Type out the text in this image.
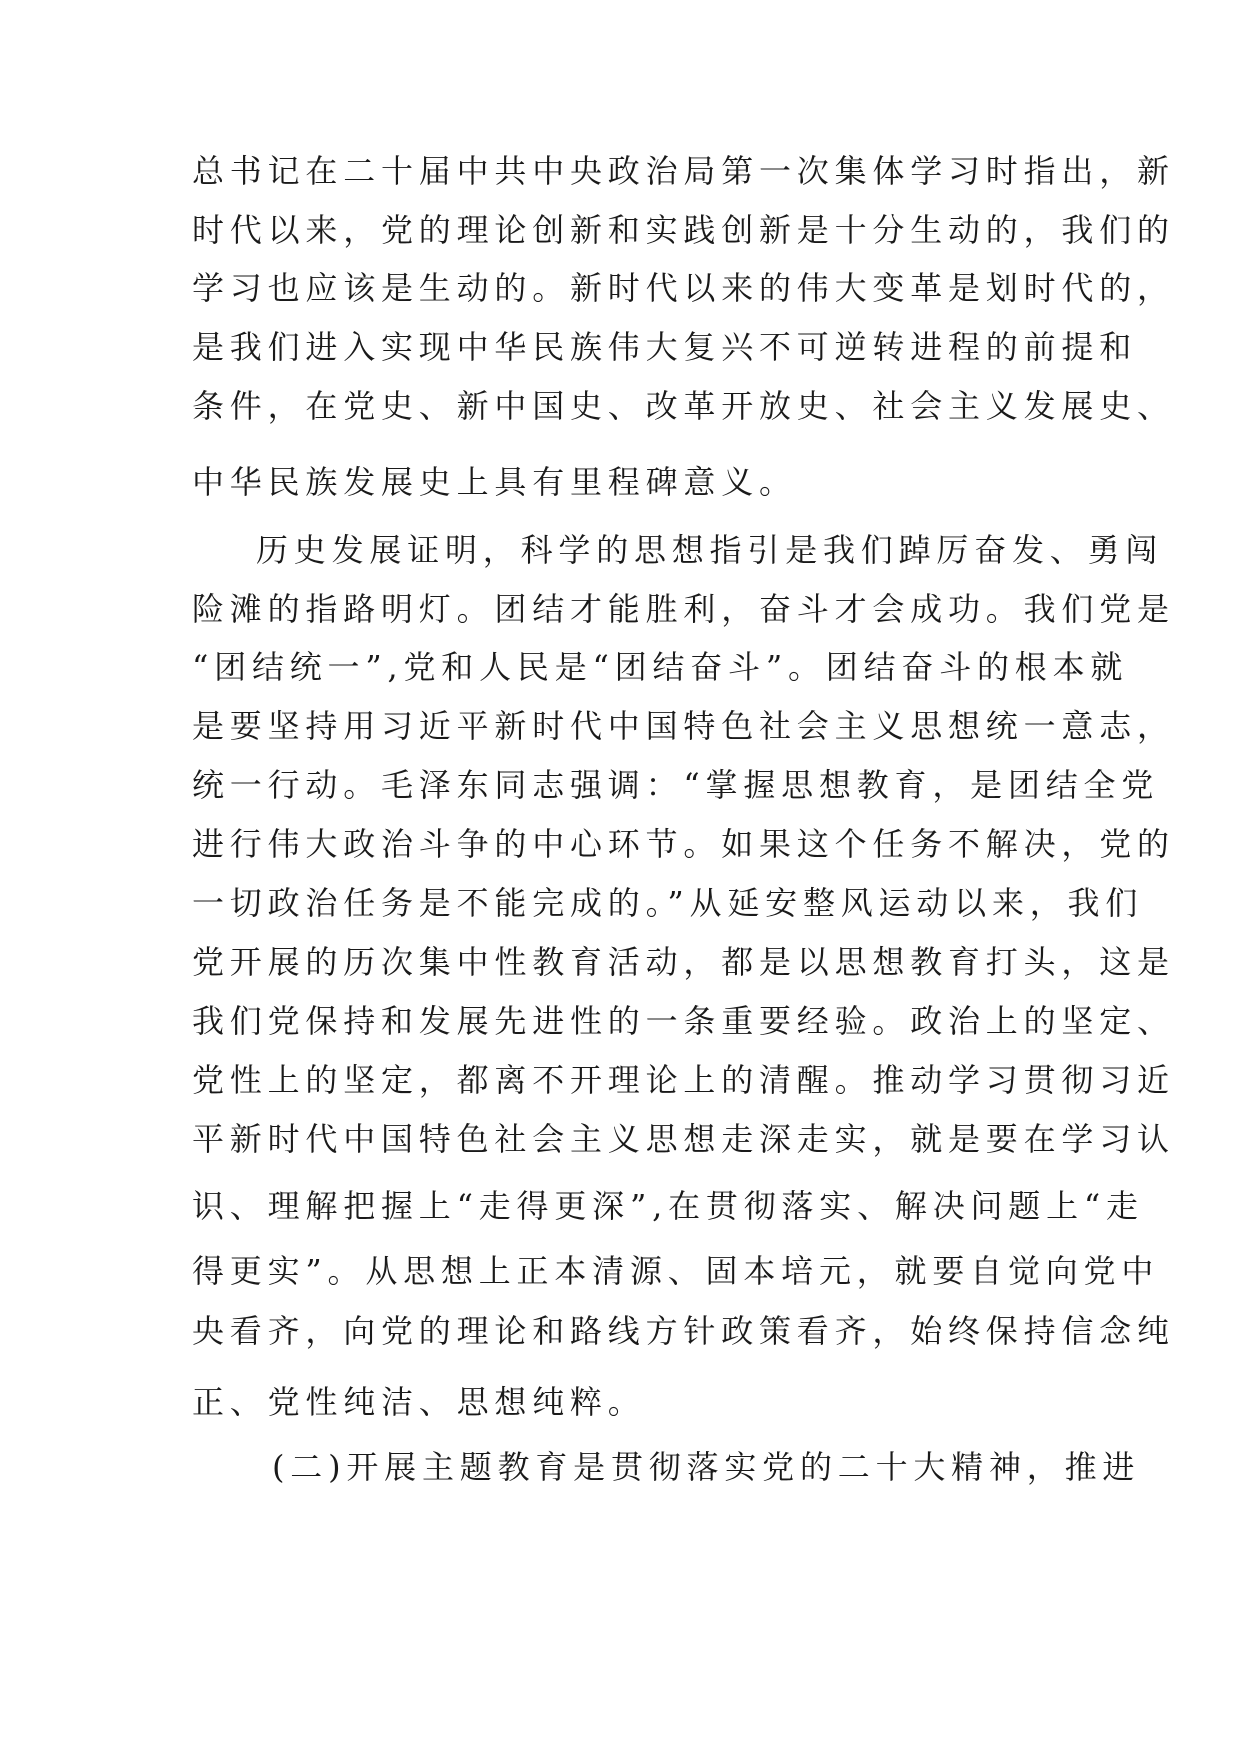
总书记在二十届中共中央政治局第一次集体学习时指出，新
时代以来，党的理论创新和实践创新是十分生动的，我们的
学习也应该是生动的。新时代以来的伟大变革是划时代的，
是我们进入实现中华民族伟大复兴不可逆转进程的前提和
条件，在党史、新中国史、改革开放史、社会主义发展史、
中华民族发展史上具有里程碑意义。
历史发展证明，科学的思想指引是我们踔厉奋发、勇闯
险滩的指路明灯。团结才能胜利，奋斗才会成功。我们党是
“团结统一”,党和人民是“团结奋斗”。团结奋斗的根本就
是要坚持用习近平新时代中国特色社会主义思想统一意志，
统一行动。毛泽东同志强调：“掌握思想教育，是团结全党
进行伟大政治斗争的中心环节。如果这个任务不解决，党的
一切政治任务是不能完成的。”从延安整风运动以来，我们
党开展的历次集中性教育活动，都是以思想教育打头，这是
我们党保持和发展先进性的一条重要经验。政治上的坚定、
党性上的坚定，都离不开理论上的清醒。推动学习贯彻习近
平新时代中国特色社会主义思想走深走实，就是要在学习认
识、理解把握上“走得更深”,在贯彻落实、解决问题上“走
得更实”。从思想上正本清源、固本培元，就要自觉向党中
央看齐，向党的理论和路线方针政策看齐，始终保持信念纯
正、党性纯洁、思想纯粹。
(二)开展主题教育是贯彻落实党的二十大精神，推进
